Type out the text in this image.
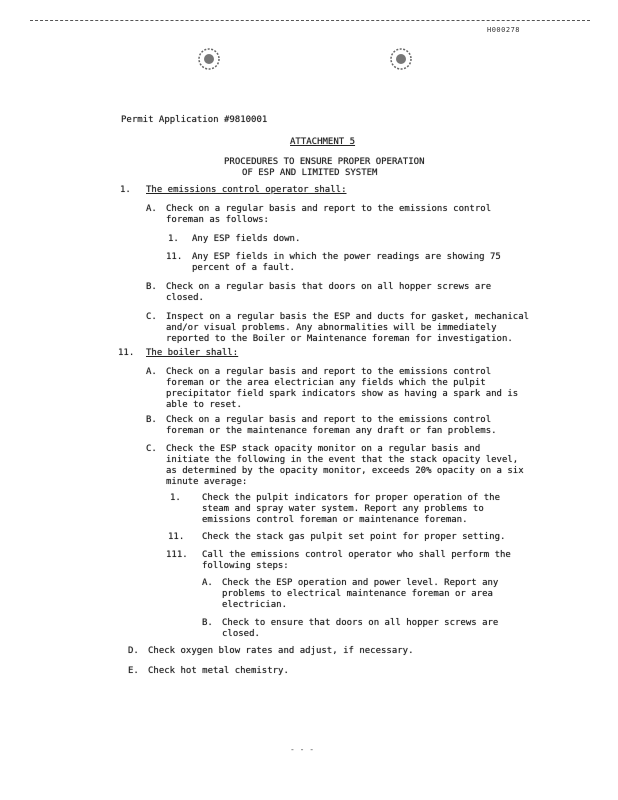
H000278
Permit Application #9810001
ATTACHMENT 5
PROCEDURES TO ENSURE PROPER OPERATION
OF ESP AND LIMITED SYSTEM
1. The emissions control operator shall:
A. Check on a regular basis and report to the emissions control
foreman as follows:
1. Any ESP fields down.
11. Any ESP fields in which the power readings are showing 75
percent of a fault.
B. Check on a regular basis that doors on all hopper screws are
closed.
C. Inspect on a regular basis the ESP and ducts for gasket, mechanical
and/or visual problems. Any abnormalities will be immediately
reported to the Boiler or Maintenance foreman for investigation.
11. The boiler shall:
A. Check on a regular basis and report to the emissions control
foreman or the area electrician any fields which the pulpit
precipitator field spark indicators show as having a spark and is
able to reset.
B. Check on a regular basis and report to the emissions control
foreman or the maintenance foreman any draft or fan problems.
C. Check the ESP stack opacity monitor on a regular basis and
initiate the following in the event that the stack opacity level,
as determined by the opacity monitor, exceeds 20% opacity on a six
minute average:
1. Check the pulpit indicators for proper operation of the
steam and spray water system. Report any problems to
emissions control foreman or maintenance foreman.
11. Check the stack gas pulpit set point for proper setting.
111. Call the emissions control operator who shall perform the
following steps:
A. Check the ESP operation and power level. Report any
problems to electrical maintenance foreman or area
electrician.
B. Check to ensure that doors on all hopper screws are
closed.
D. Check oxygen blow rates and adjust, if necessary.
E. Check hot metal chemistry.
- - -
